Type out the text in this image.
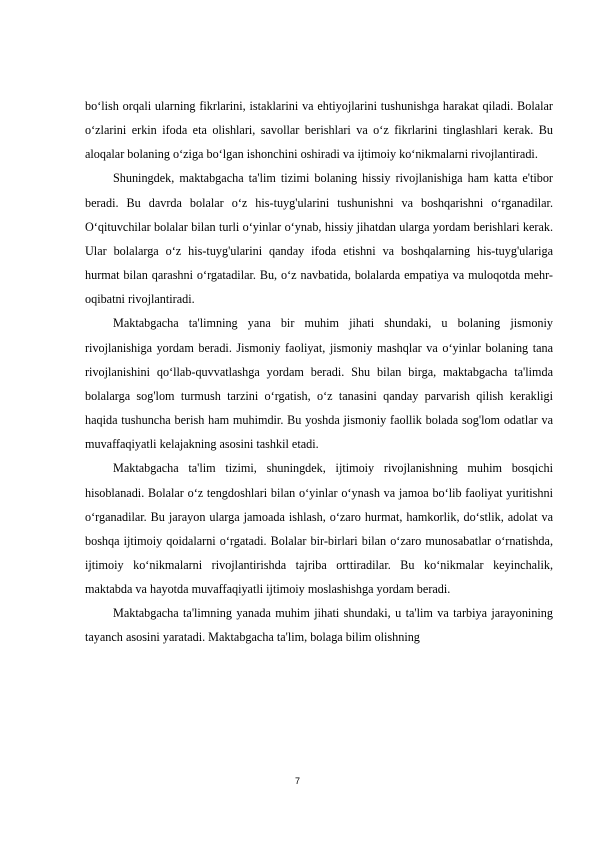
bo‘lish orqali ularning fikrlarini, istaklarini va ehtiyojlarini tushunishga harakat qiladi. Bolalar o‘zlarini erkin ifoda eta olishlari, savollar berishlari va o‘z fikrlarini tinglashlari kerak. Bu aloqalar bolaning o‘ziga bo‘lgan ishonchini oshiradi va ijtimoiy ko‘nikmalarni rivojlantiradi.

Shuningdek, maktabgacha ta'lim tizimi bolaning hissiy rivojlanishiga ham katta e'tibor beradi. Bu davrda bolalar o‘z his-tuyg'ularini tushunishni va boshqarishni o‘rganadilar. O‘qituvchilar bolalar bilan turli o‘yinlar o‘ynab, hissiy jihatdan ularga yordam berishlari kerak. Ular bolalarga o‘z his-tuyg'ularini qanday ifoda etishni va boshqalarning his-tuyg'ulariga hurmat bilan qarashni o‘rgatadilar. Bu, o‘z navbatida, bolalarda empatiya va muloqotda mehr-oqibatni rivojlantiradi.

Maktabgacha ta'limning yana bir muhim jihati shundaki, u bolaning jismoniy rivojlanishiga yordam beradi. Jismoniy faoliyat, jismoniy mashqlar va o‘yinlar bolaning tana rivojlanishini qo‘llab-quvvatlashga yordam beradi. Shu bilan birga, maktabgacha ta'limda bolalarga sog'lom turmush tarzini o‘rgatish, o‘z tanasini qanday parvarish qilish kerakligi haqida tushuncha berish ham muhimdir. Bu yoshda jismoniy faollik bolada sog'lom odatlar va muvaffaqiyatli kelajakning asosini tashkil etadi.

Maktabgacha ta'lim tizimi, shuningdek, ijtimoiy rivojlanishning muhim bosqichi hisoblanadi. Bolalar o‘z tengdoshlari bilan o‘yinlar o‘ynash va jamoa bo‘lib faoliyat yuritishni o‘rganadilar. Bu jarayon ularga jamoada ishlash, o‘zaro hurmat, hamkorlik, do‘stlik, adolat va boshqa ijtimoiy qoidalarni o‘rgatadi. Bolalar bir-birlari bilan o‘zaro munosabatlar o‘rnatishda, ijtimoiy ko‘nikmalarni rivojlantirishda tajriba orttiradilar. Bu ko‘nikmalar keyinchalik, maktabda va hayotda muvaffaqiyatli ijtimoiy moslashishga yordam beradi.

Maktabgacha ta'limning yanada muhim jihati shundaki, u ta'lim va tarbiya jarayonining tayanch asosini yaratadi. Maktabgacha ta'lim, bolaga bilim olishning

7
